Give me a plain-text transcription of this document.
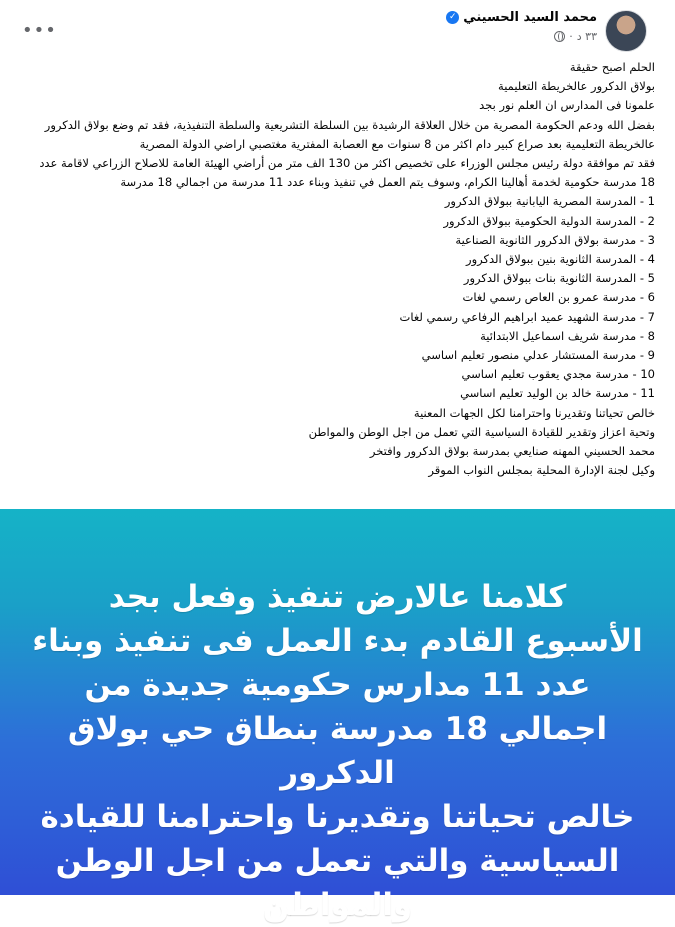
•••
محمد السيد الحسيني
✓
٣٣ د
·
الحلم اصبح حقيقة
بولاق الدكرور عالخريطة التعليمية
علمونا فى المدارس ان العلم نور بجد
بفضل الله ودعم الحكومة المصرية من خلال العلاقة الرشيدة بين السلطة التشريعية والسلطة التنفيذية، فقد تم وضع بولاق الدكرور
عالخريطة التعليمية بعد صراع كبير دام اكثر من 8 سنوات مع العصابة المفترية مغتصبي اراضي الدولة المصرية
فقد تم موافقة دولة رئيس مجلس الوزراء على تخصيص اكثر من 130 الف متر من أراضي الهيئة العامة للاصلاح الزراعي لاقامة عدد
18 مدرسة حكومية لخدمة أهالينا الكرام، وسوف يتم العمل في تنفيذ وبناء عدد 11 مدرسة من اجمالي 18 مدرسة
1 - المدرسة المصرية اليابانية ببولاق الدكرور
2 - المدرسة الدولية الحكومية ببولاق الدكرور
3 - مدرسة بولاق الدكرور الثانوية الصناعية
4 - المدرسة الثانوية بنين ببولاق الدكرور
5 - المدرسة الثانوية بنات ببولاق الدكرور
6 - مدرسة عمرو بن العاص رسمي لغات
7 - مدرسة الشهيد عميد ابراهيم الرفاعي رسمي لغات
8 - مدرسة شريف اسماعيل الابتدائية
9 - مدرسة المستشار عدلي منصور تعليم اساسي
10 - مدرسة مجدي يعقوب تعليم اساسي
11 - مدرسة خالد بن الوليد تعليم اساسي
خالص تحياتنا وتقديرنا واحترامنا لكل الجهات المعنية
وتحية اعزاز وتقدير للقيادة السياسية التي تعمل من اجل الوطن والمواطن
محمد الحسيني المهنه صنايعي بمدرسة بولاق الدكرور وافتخر
وكيل لجنة الإدارة المحلية بمجلس النواب الموقر
كلامنا عالارض تنفيذ وفعل بجد
الأسبوع القادم بدء العمل فى تنفيذ وبناء
عدد 11 مدارس حكومية جديدة من
اجمالي 18 مدرسة بنطاق حي بولاق
الدكرور
خالص تحياتنا وتقديرنا واحترامنا للقيادة
السياسية والتي تعمل من اجل الوطن
والمواطن
